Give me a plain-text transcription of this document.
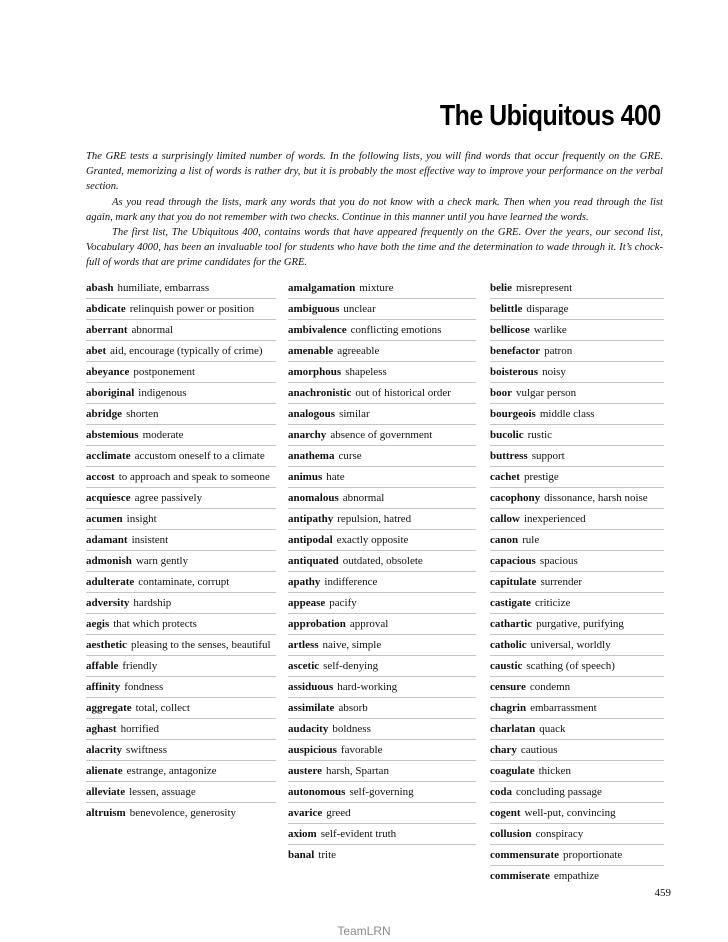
The Ubiquitous 400

The GRE tests a surprisingly limited number of words. In the following lists, you will find words that occur frequently on the GRE. Granted, memorizing a list of words is rather dry, but it is probably the most effective way to improve your performance on the verbal section.

As you read through the lists, mark any words that you do not know with a check mark. Then when you read through the list again, mark any that you do not remember with two checks. Continue in this manner until you have learned the words.

The first list, The Ubiquitous 400, contains words that have appeared frequently on the GRE. Over the years, our second list, Vocabulary 4000, has been an invaluable tool for students who have both the time and the determination to wade through it. It’s chock-full of words that are prime candidates for the GRE.

abash humiliate, embarrass
abdicate relinquish power or position
aberrant abnormal
abet aid, encourage (typically of crime)
abeyance postponement
aboriginal indigenous
abridge shorten
abstemious moderate
acclimate accustom oneself to a climate
accost to approach and speak to someone
acquiesce agree passively
acumen insight
adamant insistent
admonish warn gently
adulterate contaminate, corrupt
adversity hardship
aegis that which protects
aesthetic pleasing to the senses, beautiful
affable friendly
affinity fondness
aggregate total, collect
aghast horrified
alacrity swiftness
alienate estrange, antagonize
alleviate lessen, assuage
altruism benevolence, generosity
amalgamation mixture
ambiguous unclear
ambivalence conflicting emotions
amenable agreeable
amorphous shapeless
anachronistic out of historical order
analogous similar
anarchy absence of government
anathema curse
animus hate
anomalous abnormal
antipathy repulsion, hatred
antipodal exactly opposite
antiquated outdated, obsolete
apathy indifference
appease pacify
approbation approval
artless naive, simple
ascetic self-denying
assiduous hard-working
assimilate absorb
audacity boldness
auspicious favorable
austere harsh, Spartan
autonomous self-governing
avarice greed
axiom self-evident truth
banal trite
belie misrepresent
belittle disparage
bellicose warlike
benefactor patron
boisterous noisy
boor vulgar person
bourgeois middle class
bucolic rustic
buttress support
cachet prestige
cacophony dissonance, harsh noise
callow inexperienced
canon rule
capacious spacious
capitulate surrender
castigate criticize
cathartic purgative, purifying
catholic universal, worldly
caustic scathing (of speech)
censure condemn
chagrin embarrassment
charlatan quack
chary cautious
coagulate thicken
coda concluding passage
cogent well-put, convincing
collusion conspiracy
commensurate proportionate
commiserate empathize
459
TeamLRN
